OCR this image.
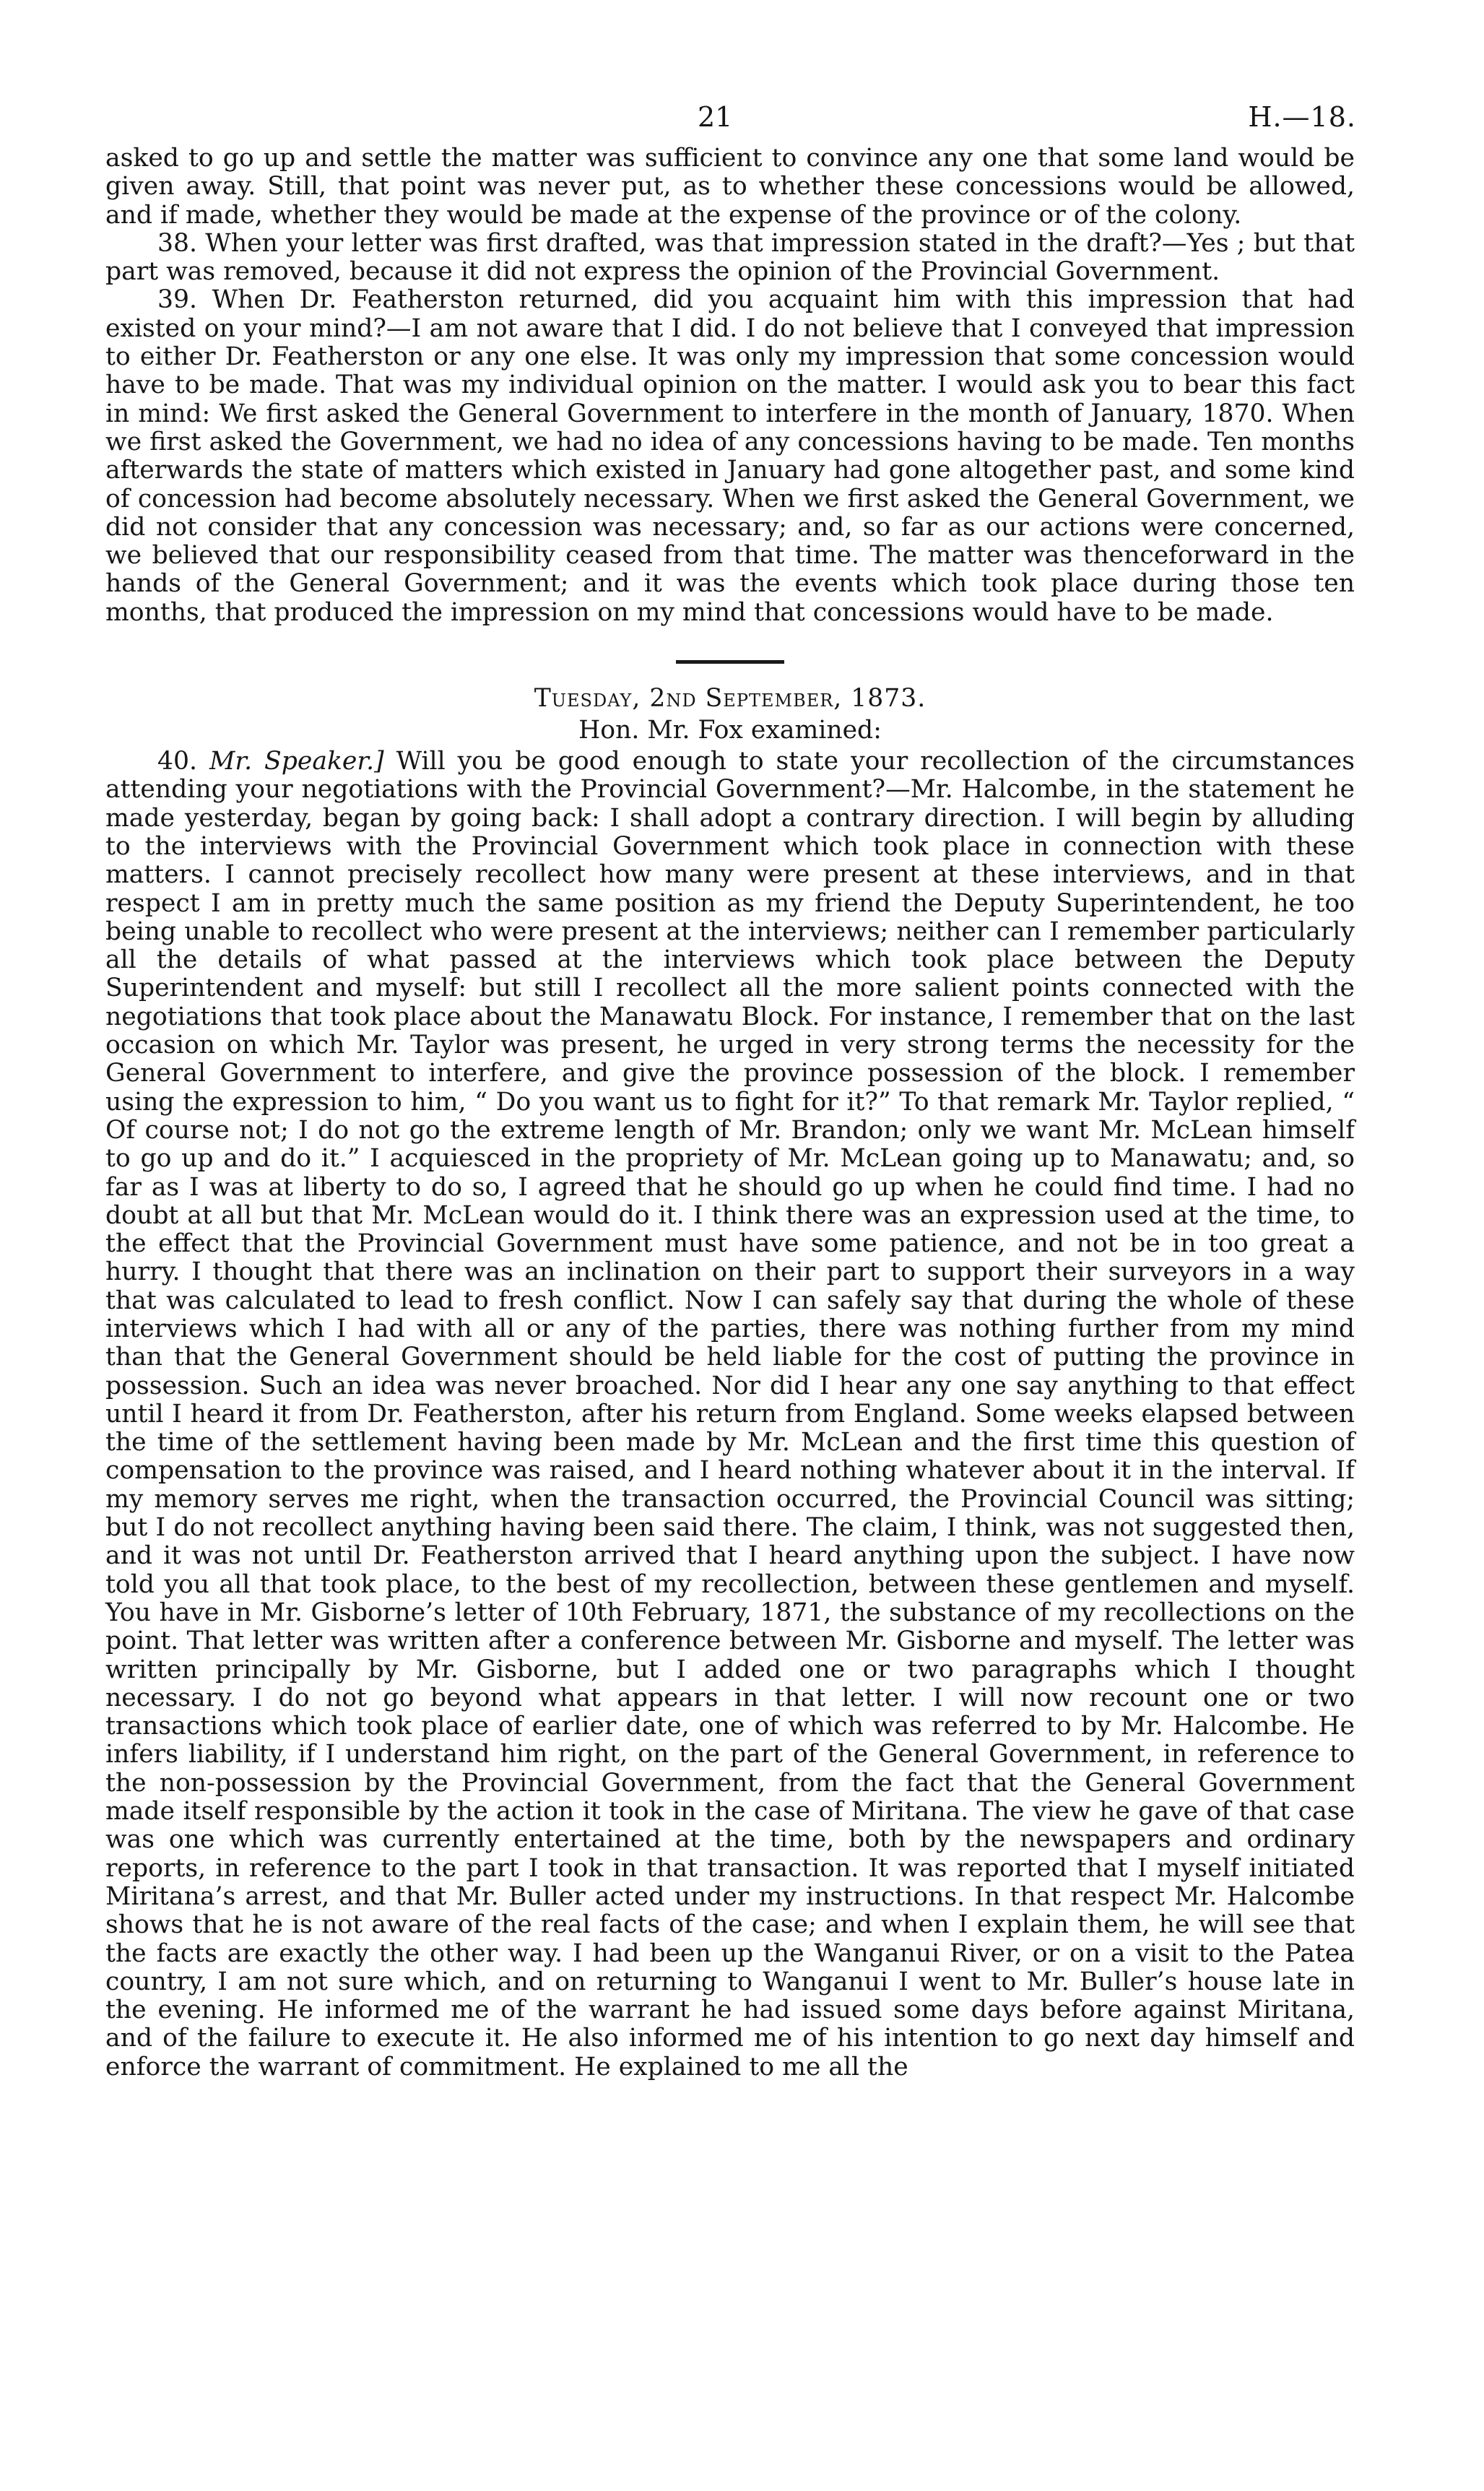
21	H.—18.

asked to go up and settle the matter was sufficient to convince any one that some land would be given away. Still, that point was never put, as to whether these concessions would be allowed, and if made, whether they would be made at the expense of the province or of the colony.

38. When your letter was first drafted, was that impression stated in the draft?—Yes ; but that part was removed, because it did not express the opinion of the Provincial Government.

39. When Dr. Featherston returned, did you acquaint him with this impression that had existed on your mind?—I am not aware that I did. I do not believe that I conveyed that impression to either Dr. Featherston or any one else. It was only my impression that some concession would have to be made. That was my individual opinion on the matter. I would ask you to bear this fact in mind: We first asked the General Government to interfere in the month of January, 1870. When we first asked the Government, we had no idea of any concessions having to be made. Ten months afterwards the state of matters which existed in January had gone altogether past, and some kind of concession had become absolutely necessary. When we first asked the General Government, we did not consider that any concession was necessary; and, so far as our actions were concerned, we believed that our responsibility ceased from that time. The matter was thenceforward in the hands of the General Government; and it was the events which took place during those ten months, that produced the impression on my mind that concessions would have to be made.

Tuesday, 2nd September, 1873.
Hon. Mr. Fox examined:

40. Mr. Speaker.] Will you be good enough to state your recollection of the circumstances attending your negotiations with the Provincial Government?—Mr. Halcombe, in the statement he made yesterday, began by going back: I shall adopt a contrary direction. I will begin by alluding to the interviews with the Provincial Government which took place in connection with these matters. I cannot precisely recollect how many were present at these interviews, and in that respect I am in pretty much the same position as my friend the Deputy Superintendent, he too being unable to recollect who were present at the interviews; neither can I remember particularly all the details of what passed at the interviews which took place between the Deputy Superintendent and myself: but still I recollect all the more salient points connected with the negotiations that took place about the Manawatu Block. For instance, I remember that on the last occasion on which Mr. Taylor was present, he urged in very strong terms the necessity for the General Government to interfere, and give the province possession of the block. I remember using the expression to him, “ Do you want us to fight for it?” To that remark Mr. Taylor replied, “ Of course not; I do not go the extreme length of Mr. Brandon; only we want Mr. McLean himself to go up and do it.” I acquiesced in the propriety of Mr. McLean going up to Manawatu; and, so far as I was at liberty to do so, I agreed that he should go up when he could find time. I had no doubt at all but that Mr. McLean would do it. I think there was an expression used at the time, to the effect that the Provincial Government must have some patience, and not be in too great a hurry. I thought that there was an inclination on their part to support their surveyors in a way that was calculated to lead to fresh conflict. Now I can safely say that during the whole of these interviews which I had with all or any of the parties, there was nothing further from my mind than that the General Government should be held liable for the cost of putting the province in possession. Such an idea was never broached. Nor did I hear any one say anything to that effect until I heard it from Dr. Featherston, after his return from England. Some weeks elapsed between the time of the settlement having been made by Mr. McLean and the first time this question of compensation to the province was raised, and I heard nothing whatever about it in the interval. If my memory serves me right, when the transaction occurred, the Provincial Council was sitting; but I do not recollect anything having been said there. The claim, I think, was not suggested then, and it was not until Dr. Featherston arrived that I heard anything upon the subject. I have now told you all that took place, to the best of my recollection, between these gentlemen and myself. You have in Mr. Gisborne’s letter of 10th February, 1871, the substance of my recollections on the point. That letter was written after a conference between Mr. Gisborne and myself. The letter was written principally by Mr. Gisborne, but I added one or two paragraphs which I thought necessary. I do not go beyond what appears in that letter. I will now recount one or two transactions which took place of earlier date, one of which was referred to by Mr. Halcombe. He infers liability, if I understand him right, on the part of the General Government, in reference to the non-possession by the Provincial Government, from the fact that the General Government made itself responsible by the action it took in the case of Miritana. The view he gave of that case was one which was currently entertained at the time, both by the newspapers and ordinary reports, in reference to the part I took in that transaction. It was reported that I myself initiated Miritana’s arrest, and that Mr. Buller acted under my instructions. In that respect Mr. Halcombe shows that he is not aware of the real facts of the case; and when I explain them, he will see that the facts are exactly the other way. I had been up the Wanganui River, or on a visit to the Patea country, I am not sure which, and on returning to Wanganui I went to Mr. Buller’s house late in the evening. He informed me of the warrant he had issued some days before against Miritana, and of the failure to execute it. He also informed me of his intention to go next day himself and enforce the warrant of commitment. He explained to me all the
